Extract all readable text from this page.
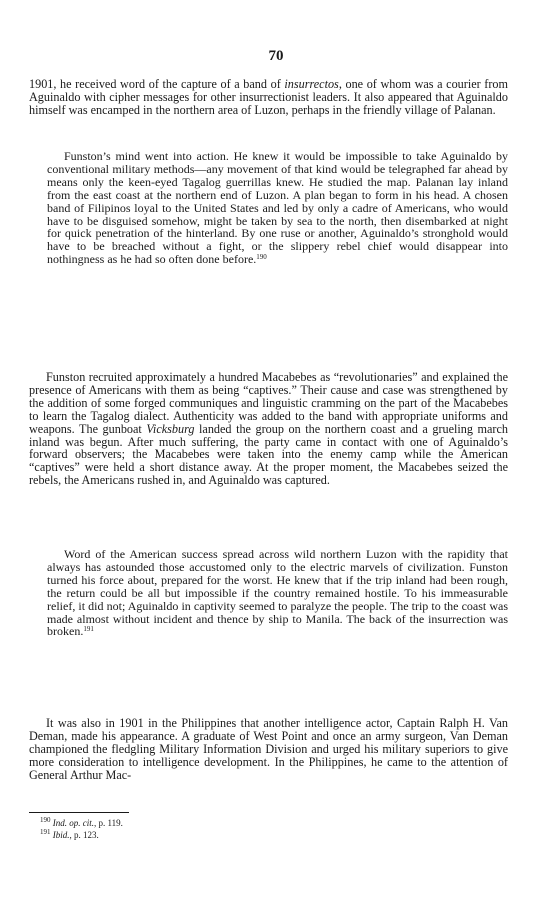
70

1901, he received word of the capture of a band of insurrectos, one of whom was a courier from Aguinaldo with cipher messages for other insurrectionist leaders. It also appeared that Aguinaldo himself was encamped in the northern area of Luzon, perhaps in the friendly village of Palanan.

Funston’s mind went into action. He knew it would be impossible to take Aguinaldo by conventional military methods—any movement of that kind would be telegraphed far ahead by means only the keen-eyed Tagalog guerrillas knew. He studied the map. Palanan lay inland from the east coast at the northern end of Luzon. A plan began to form in his head. A chosen band of Filipinos loyal to the United States and led by only a cadre of Americans, who would have to be disguised somehow, might be taken by sea to the north, then disembarked at night for quick penetration of the hinterland. By one ruse or another, Aguinaldo’s stronghold would have to be breached without a fight, or the slippery rebel chief would disappear into nothingness as he had so often done before.$^{190}$

Funston recruited approximately a hundred Macabebes as “revolutionaries” and explained the presence of Americans with them as being “captives.” Their cause and case was strengthened by the addition of some forged communiques and linguistic cramming on the part of the Macabebes to learn the Tagalog dialect. Authenticity was added to the band with appropriate uniforms and weapons. The gunboat Vicksburg landed the group on the northern coast and a grueling march inland was begun. After much suffering, the party came in contact with one of Aguinaldo’s forward observers; the Macabebes were taken into the enemy camp while the American “captives” were held a short distance away. At the proper moment, the Macabebes seized the rebels, the Americans rushed in, and Aguinaldo was captured.

Word of the American success spread across wild northern Luzon with the rapidity that always has astounded those accustomed only to the electric marvels of civilization. Funston turned his force about, prepared for the worst. He knew that if the trip inland had been rough, the return could be all but impossible if the country remained hostile. To his immeasurable relief, it did not; Aguinaldo in captivity seemed to paralyze the people. The trip to the coast was made almost without incident and thence by ship to Manila. The back of the insurrection was broken.$^{191}$

It was also in 1901 in the Philippines that another intelligence actor, Captain Ralph H. Van Deman, made his appearance. A graduate of West Point and once an army surgeon, Van Deman championed the fledgling Military Information Division and urged his military superiors to give more consideration to intelligence development. In the Philippines, he came to the attention of General Arthur Mac-

$^{190}$ Ind. op. cit., p. 119.
$^{191}$ Ibid., p. 123.
